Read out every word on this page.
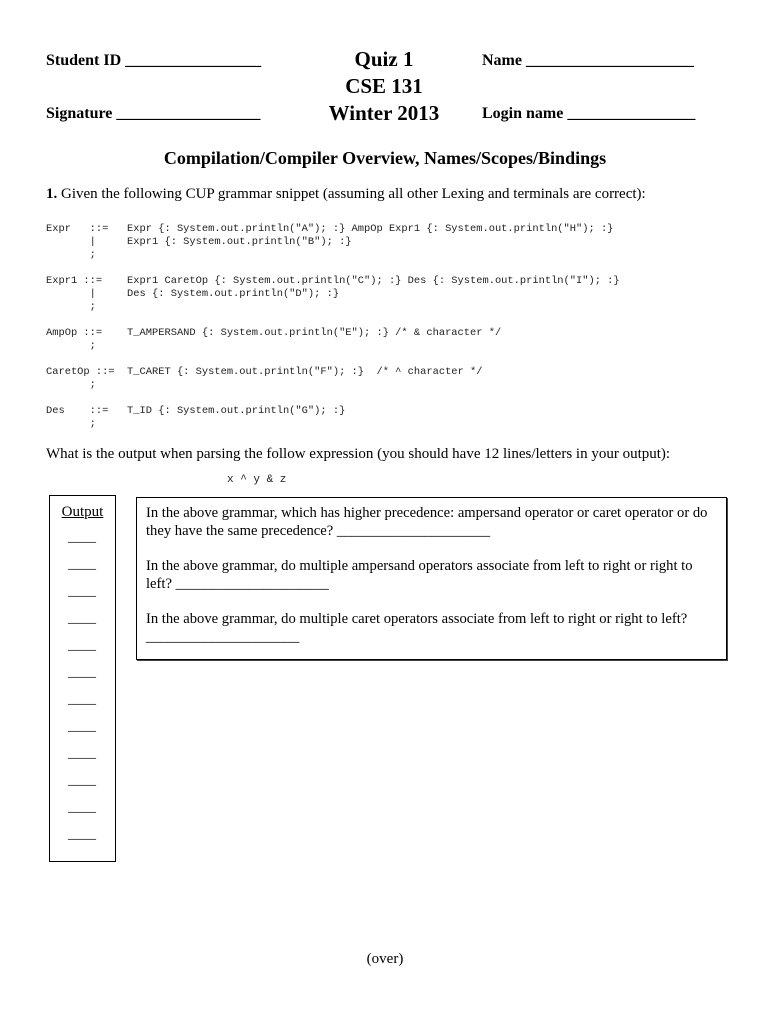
Student ID _________________
Signature __________________
Name _____________________
Login name ________________
Quiz 1
CSE 131
Winter 2013
Compilation/Compiler Overview, Names/Scopes/Bindings
1. Given the following CUP grammar snippet (assuming all other Lexing and terminals are correct):
Expr   ::=   Expr {: System.out.println("A"); :} AmpOp Expr1 {: System.out.println("H"); :}
|     Expr1 {: System.out.println("B"); :}
;
Expr1 ::=    Expr1 CaretOp {: System.out.println("C"); :} Des {: System.out.println("I"); :}
|     Des {: System.out.println("D"); :}
;
AmpOp ::=    T_AMPERSAND {: System.out.println("E"); :} /* & character */
;
CaretOp ::=  T_CARET {: System.out.println("F"); :}  /* ^ character */
;
Des    ::=   T_ID {: System.out.println("G"); :}
;
What is the output when parsing the follow expression (you should have 12 lines/letters in your output):
x ^ y & z
Output
____
____
____
____
____
____
____
____
____
____
____
____
In the above grammar, which has higher precedence: ampersand operator or caret operator or do they have the same precedence? _____________________
In the above grammar, do multiple ampersand operators associate from left to right or right to left? _____________________
In the above grammar, do multiple caret operators associate from left to right or right to left? _____________________
(over)
